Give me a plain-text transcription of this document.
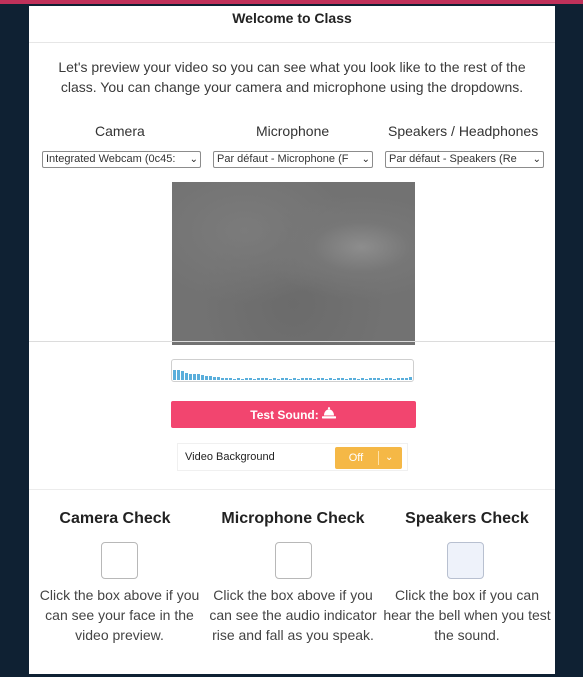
Welcome to Class
Let's preview your video so you can see what you look like to the rest of the class. You can change your camera and microphone using the dropdowns.
Camera
Integrated Webcam (0c45: ⌄
Microphone
Par défaut - Microphone (F ⌄
Speakers / Headphones
Par défaut - Speakers (Re ⌄
Test Sound:
Video Background	Off	⌄
Camera Check
Click the box above if you can see your face in the video preview.
Microphone Check
Click the box above if you can see the audio indicator rise and fall as you speak.
Speakers Check
Click the box if you can hear the bell when you test the sound.
